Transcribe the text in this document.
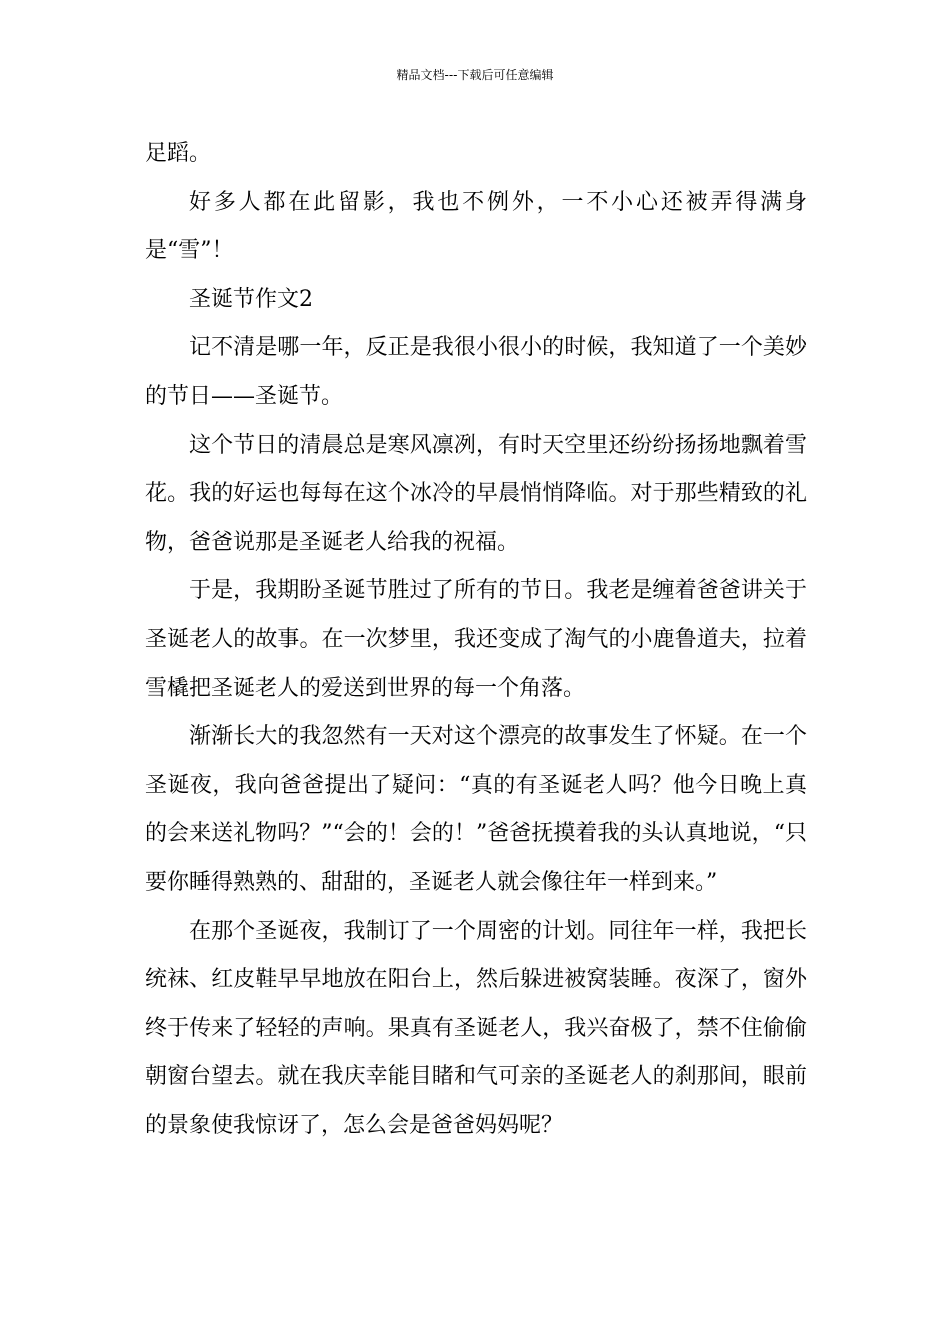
精品文档---下载后可任意编辑

足蹈。

好多人都在此留影，我也不例外，一不小心还被弄得满身是“雪”！

圣诞节作文2

记不清是哪一年，反正是我很小很小的时候，我知道了一个美妙的节日——圣诞节。

这个节日的清晨总是寒风凛冽，有时天空里还纷纷扬扬地飘着雪花。我的好运也每每在这个冰冷的早晨悄悄降临。对于那些精致的礼物，爸爸说那是圣诞老人给我的祝福。

于是，我期盼圣诞节胜过了所有的节日。我老是缠着爸爸讲关于圣诞老人的故事。在一次梦里，我还变成了淘气的小鹿鲁道夫，拉着雪橇把圣诞老人的爱送到世界的每一个角落。

渐渐长大的我忽然有一天对这个漂亮的故事发生了怀疑。在一个圣诞夜，我向爸爸提出了疑问：“真的有圣诞老人吗？他今日晚上真的会来送礼物吗？”“会的！会的！”爸爸抚摸着我的头认真地说，“只要你睡得熟熟的、甜甜的，圣诞老人就会像往年一样到来。”

在那个圣诞夜，我制订了一个周密的计划。同往年一样，我把长统袜、红皮鞋早早地放在阳台上，然后躲进被窝装睡。夜深了，窗外终于传来了轻轻的声响。果真有圣诞老人，我兴奋极了，禁不住偷偷朝窗台望去。就在我庆幸能目睹和气可亲的圣诞老人的刹那间，眼前的景象使我惊讶了，怎么会是爸爸妈妈呢？
